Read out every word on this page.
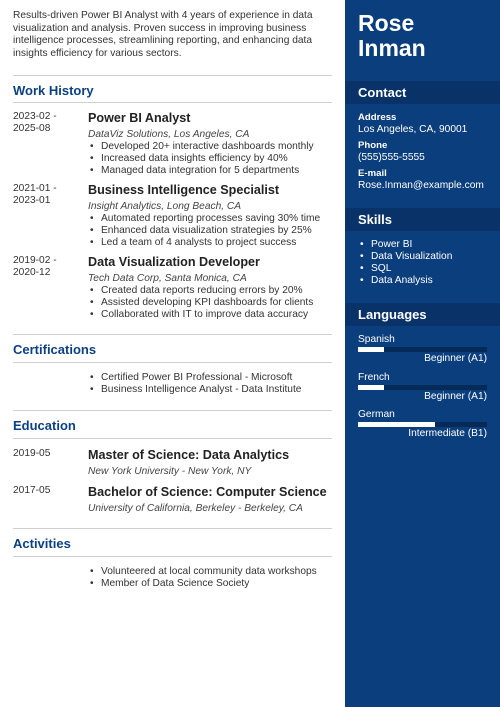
Results-driven Power BI Analyst with 4 years of experience in data visualization and analysis. Proven success in improving business intelligence processes, streamlining reporting, and enhancing data insights efficiency for various sectors.

Work History
2023-02 - 2025-08
Power BI Analyst
DataViz Solutions, Los Angeles, CA
• Developed 20+ interactive dashboards monthly
• Increased data insights efficiency by 40%
• Managed data integration for 5 departments
2021-01 - 2023-01
Business Intelligence Specialist
Insight Analytics, Long Beach, CA
• Automated reporting processes saving 30% time
• Enhanced data visualization strategies by 25%
• Led a team of 4 analysts to project success
2019-02 - 2020-12
Data Visualization Developer
Tech Data Corp, Santa Monica, CA
• Created data reports reducing errors by 20%
• Assisted developing KPI dashboards for clients
• Collaborated with IT to improve data accuracy
Certifications
• Certified Power BI Professional - Microsoft
• Business Intelligence Analyst - Data Institute
Education
2019-05	Master of Science: Data Analytics
New York University - New York, NY
2017-05	Bachelor of Science: Computer Science
University of California, Berkeley - Berkeley, CA
Activities
• Volunteered at local community data workshops
• Member of Data Science Society
Rose
Inman
Contact
Address
Los Angeles, CA, 90001
Phone
(555)555-5555
E-mail
Rose.Inman@example.com
Skills
• Power BI
• Data Visualization
• SQL
• Data Analysis
Languages
Spanish
Beginner (A1)
French
Beginner (A1)
German
Intermediate (B1)
